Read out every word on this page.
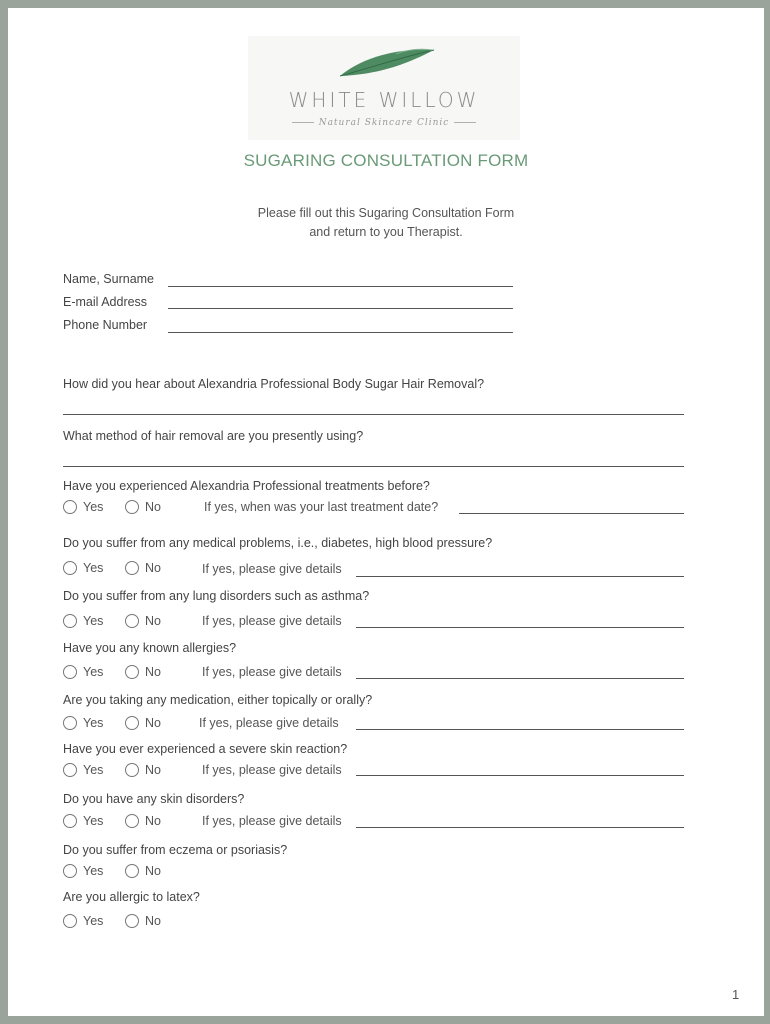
WHITE WILLOW
Natural Skincare Clinic
SUGARING CONSULTATION FORM
Please fill out this Sugaring Consultation Form
and return to you Therapist.
Name, Surname
E-mail Address
Phone Number
How did you hear about Alexandria Professional Body Sugar Hair Removal?
What method of hair removal are you presently using?
Have you experienced Alexandria Professional treatments before?
Yes	No	If yes, when was your last treatment date?
Do you suffer from any medical problems, i.e., diabetes, high blood pressure?
Yes	No	If yes, please give details
Do you suffer from any lung disorders such as asthma?
Yes	No	If yes, please give details
Have you any known allergies?
Yes	No	If yes, please give details
Are you taking any medication, either topically or orally?
Yes	No	If yes, please give details
Have you ever experienced a severe skin reaction?
Yes	No	If yes, please give details
Do you have any skin disorders?
Yes	No	If yes, please give details
Do you suffer from eczema or psoriasis?
Yes	No
Are you allergic to latex?
Yes	No
1
